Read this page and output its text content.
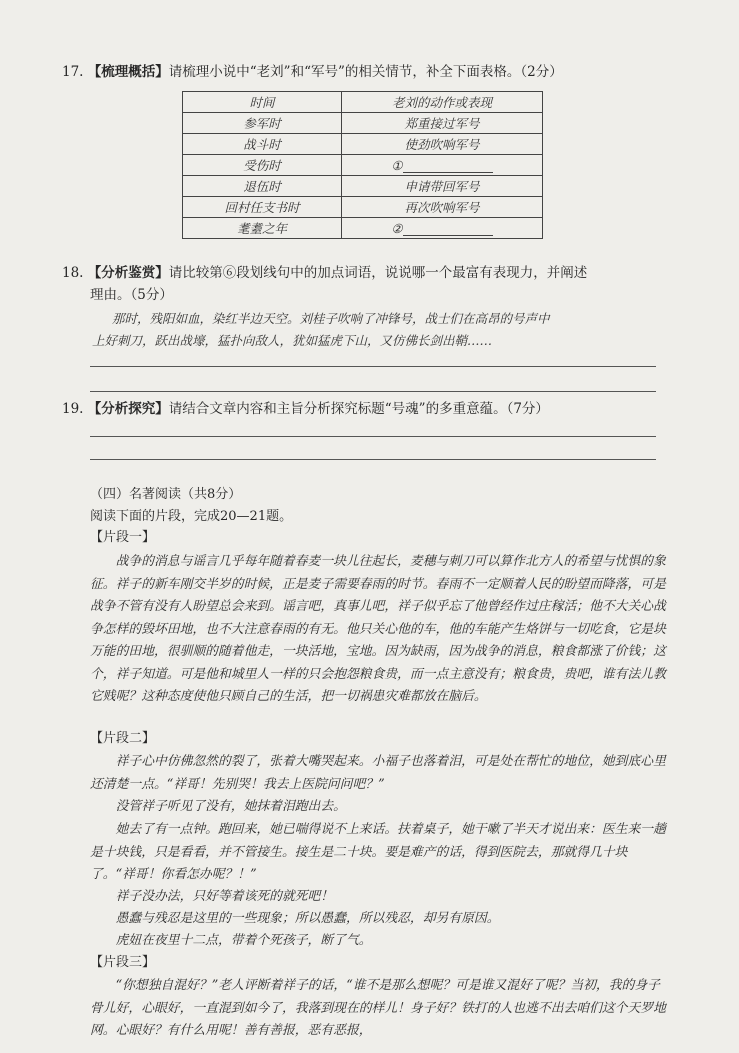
17. 【梳理概括】请梳理小说中“老刘”和“军号”的相关情节，补全下面表格。（2分）
时间	老刘的动作或表现
参军时	郑重接过军号
战斗时	使劲吹响军号
受伤时	①
退伍时	申请带回军号
回村任支书时	再次吹响军号
耄耋之年	②
18. 【分析鉴赏】请比较第⑥段划线句中的加点词语，说说哪一个最富有表现力，并阐述
理由。（5分）
那时，残阳如血，染红半边天空。刘桂子吹响了冲锋号，战士们在高昂的号声中
上好刺刀，跃出战壕，猛扑向敌人，犹如猛虎下山，又仿佛长剑出鞘……
19. 【分析探究】请结合文章内容和主旨分析探究标题“号魂”的多重意蕴。（7分）
（四）名著阅读（共8分）
阅读下面的片段，完成20—21题。
【片段一】
战争的消息与谣言几乎每年随着春麦一块儿往起长，麦穗与刺刀可以算作北方人的希望与忧惧的象征。祥子的新车刚交半岁的时候，正是麦子需要春雨的时节。春雨不一定顺着人民的盼望而降落，可是战争不管有没有人盼望总会来到。谣言吧，真事儿吧，祥子似乎忘了他曾经作过庄稼活；他不大关心战争怎样的毁坏田地，也不大注意春雨的有无。他只关心他的车，他的车能产生烙饼与一切吃食，它是块万能的田地，很驯顺的随着他走，一块活地，宝地。因为缺雨，因为战争的消息，粮食都涨了价钱；这个，祥子知道。可是他和城里人一样的只会抱怨粮食贵，而一点主意没有；粮食贵，贵吧，谁有法儿教它贱呢？这种态度使他只顾自己的生活，把一切祸患灾难都放在脑后。
【片段二】
祥子心中仿佛忽然的裂了，张着大嘴哭起来。小福子也落着泪，可是处在帮忙的地位，她到底心里还清楚一点。“祥哥！先别哭！我去上医院问问吧？”
没管祥子听见了没有，她抹着泪跑出去。
她去了有一点钟。跑回来，她已喘得说不上来话。扶着桌子，她干嗽了半天才说出来：医生来一趟是十块钱，只是看看，并不管接生。接生是二十块。要是难产的话，得到医院去，那就得几十块了。“祥哥！你看怎办呢？！”
祥子没办法，只好等着该死的就死吧！
愚蠢与残忍是这里的一些现象；所以愚蠢，所以残忍，却另有原因。
虎妞在夜里十二点，带着个死孩子，断了气。
【片段三】
“你想独自混好？”老人评断着祥子的话，“谁不是那么想呢？可是谁又混好了呢？当初，我的身子骨儿好，心眼好，一直混到如今了，我落到现在的样儿！身子好？铁打的人也逃不出去咱们这个天罗地网。心眼好？有什么用呢！善有善报，恶有恶报，
